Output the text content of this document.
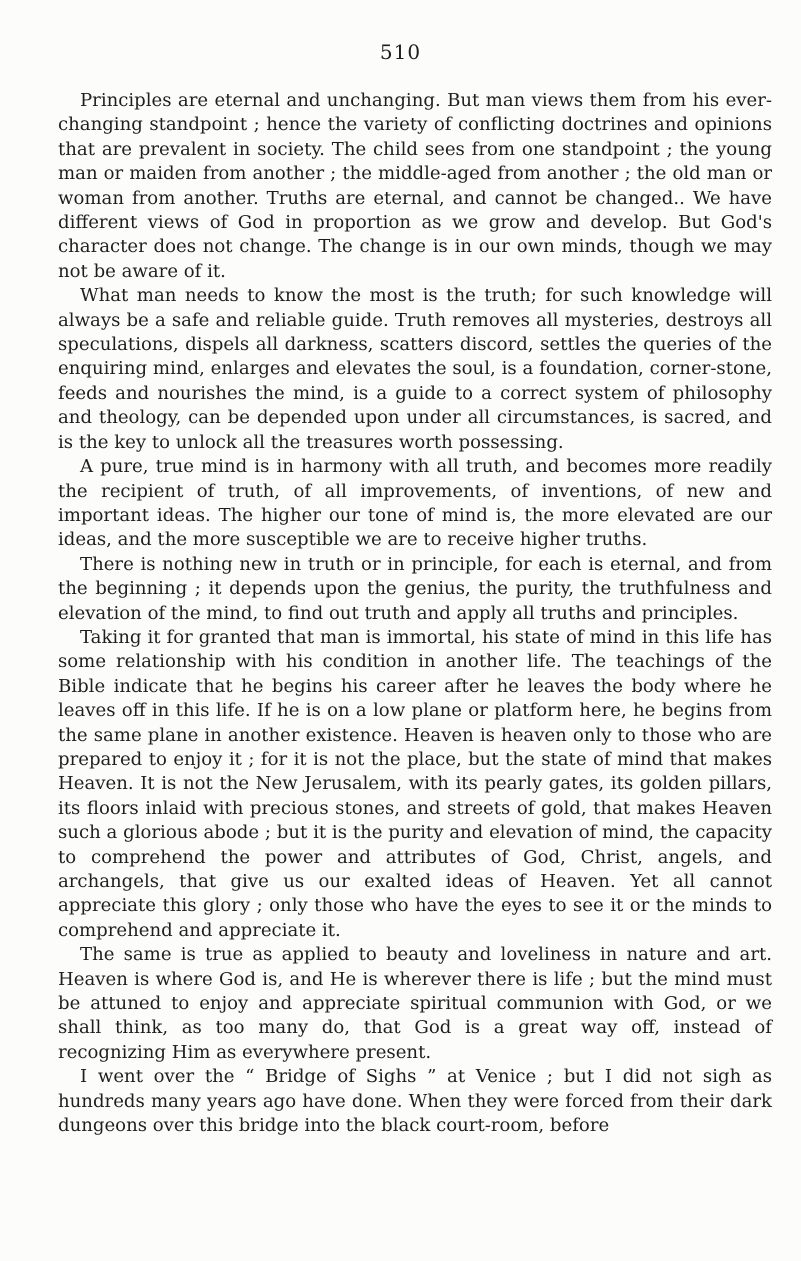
510

Principles are eternal and unchanging. But man views them from his ever-changing standpoint ; hence the variety of conflicting doctrines and opinions that are prevalent in society. The child sees from one standpoint ; the young man or maiden from another ; the middle-aged from another ; the old man or woman from another. Truths are eternal, and cannot be changed.. We have different views of God in proportion as we grow and develop. But God's character does not change. The change is in our own minds, though we may not be aware of it.

What man needs to know the most is the truth; for such knowledge will always be a safe and reliable guide. Truth removes all mysteries, destroys all speculations, dispels all darkness, scatters discord, settles the queries of the enquiring mind, enlarges and elevates the soul, is a foundation, corner-stone, feeds and nourishes the mind, is a guide to a correct system of philosophy and theology, can be depended upon under all circumstances, is sacred, and is the key to unlock all the treasures worth possessing.

A pure, true mind is in harmony with all truth, and becomes more readily the recipient of truth, of all improvements, of inventions, of new and important ideas. The higher our tone of mind is, the more elevated are our ideas, and the more susceptible we are to receive higher truths.

There is nothing new in truth or in principle, for each is eternal, and from the beginning ; it depends upon the genius, the purity, the truthfulness and elevation of the mind, to find out truth and apply all truths and principles.

Taking it for granted that man is immortal, his state of mind in this life has some relationship with his condition in another life. The teachings of the Bible indicate that he begins his career after he leaves the body where he leaves off in this life. If he is on a low plane or platform here, he begins from the same plane in another existence. Heaven is heaven only to those who are prepared to enjoy it ; for it is not the place, but the state of mind that makes Heaven. It is not the New Jerusalem, with its pearly gates, its golden pillars, its floors inlaid with precious stones, and streets of gold, that makes Heaven such a glorious abode ; but it is the purity and elevation of mind, the capacity to comprehend the power and attributes of God, Christ, angels, and archangels, that give us our exalted ideas of Heaven. Yet all cannot appreciate this glory ; only those who have the eyes to see it or the minds to comprehend and appreciate it.

The same is true as applied to beauty and loveliness in nature and art. Heaven is where God is, and He is wherever there is life ; but the mind must be attuned to enjoy and appreciate spiritual communion with God, or we shall think, as too many do, that God is a great way off, instead of recognizing Him as everywhere present.

I went over the “ Bridge of Sighs ” at Venice ; but I did not sigh as hundreds many years ago have done. When they were forced from their dark dungeons over this bridge into the black court-room, before
